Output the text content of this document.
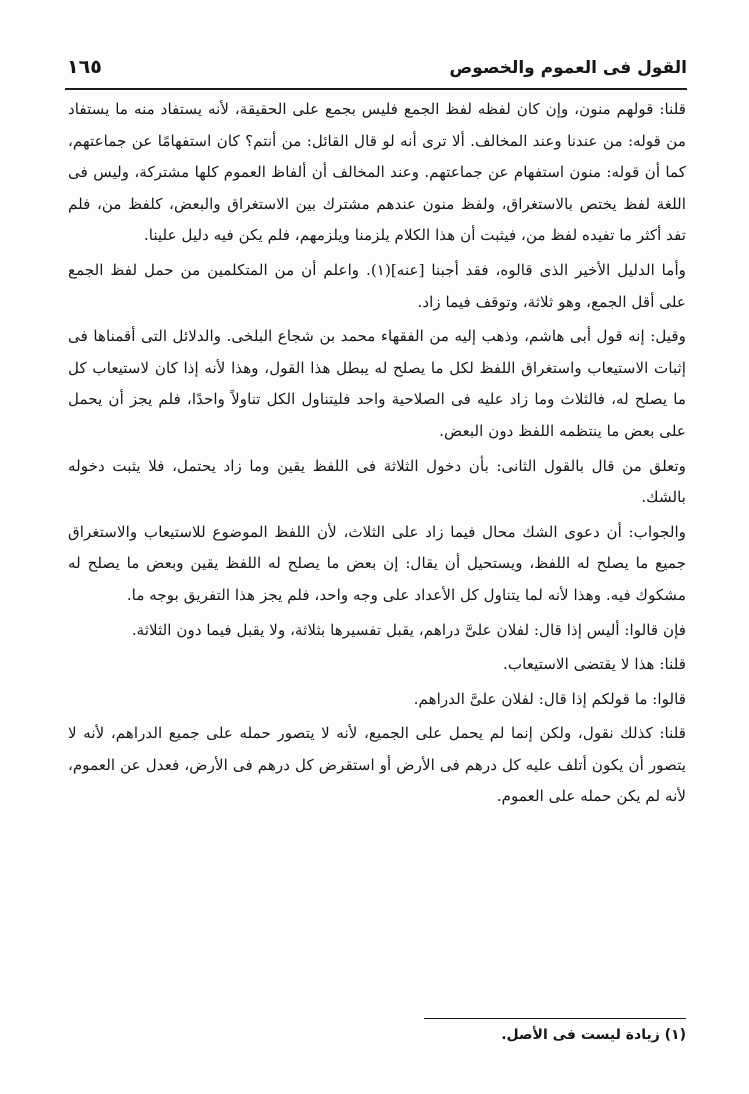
القول فى العموم والخصوص
١٦٥

قلنا: قولهم منون، وإن كان لفظه لفظ الجمع فليس بجمع على الحقيقة، لأنه يستفاد منه ما يستفاد من قوله: من عندنا وعند المخالف. ألا ترى أنه لو قال القائل: من أنتم؟ كان استفهامًا عن جماعتهم، كما أن قوله: منون استفهام عن جماعتهم. وعند المخالف أن ألفاظ العموم كلها مشتركة، وليس فى اللغة لفظ يختص بالاستغراق، ولفظ منون عندهم مشترك بين الاستغراق والبعض، كلفظ من، فلم تفد أكثر ما تفيده لفظ من، فيثبت أن هذا الكلام يلزمنا ويلزمهم، فلم يكن فيه دليل علينا.

وأما الدليل الأخير الذى قالوه، فقد أجبنا [عنه](١). واعلم أن من المتكلمين من حمل لفظ الجمع على أقل الجمع، وهو ثلاثة، وتوقف فيما زاد.

وقيل: إنه قول أبى هاشم، وذهب إليه من الفقهاء محمد بن شجاع البلخى. والدلائل التى أقمناها فى إثبات الاستيعاب واستغراق اللفظ لكل ما يصلح له يبطل هذا القول، وهذا لأنه إذا كان لاستيعاب كل ما يصلح له، فالثلاث وما زاد عليه فى الصلاحية واحد فليتناول الكل تناولاً واحدًا، فلم يجز أن يحمل على بعض ما ينتظمه اللفظ دون البعض.

وتعلق من قال بالقول الثانى: بأن دخول الثلاثة فى اللفظ يقين وما زاد يحتمل، فلا يثبت دخوله بالشك.

والجواب: أن دعوى الشك محال فيما زاد على الثلاث، لأن اللفظ الموضوع للاستيعاب والاستغراق جميع ما يصلح له اللفظ، ويستحيل أن يقال: إن بعض ما يصلح له اللفظ يقين وبعض ما يصلح له مشكوك فيه. وهذا لأنه لما يتناول كل الأعداد على وجه واحد، فلم يجز هذا التفريق بوجه ما.

فإن قالوا: أليس إذا قال: لفلان علىَّ دراهم، يقبل تفسيرها بثلاثة، ولا يقبل فيما دون الثلاثة.

قلنا: هذا لا يقتضى الاستيعاب.

قالوا: ما قولكم إذا قال: لفلان علىَّ الدراهم.

قلنا: كذلك نقول، ولكن إنما لم يحمل على الجميع، لأنه لا يتصور حمله على جميع الدراهم، لأنه لا يتصور أن يكون أتلف عليه كل درهم فى الأرض أو استقرض كل درهم فى الأرض، فعدل عن العموم، لأنه لم يكن حمله على العموم.

(١) زيادة ليست فى الأصل.
